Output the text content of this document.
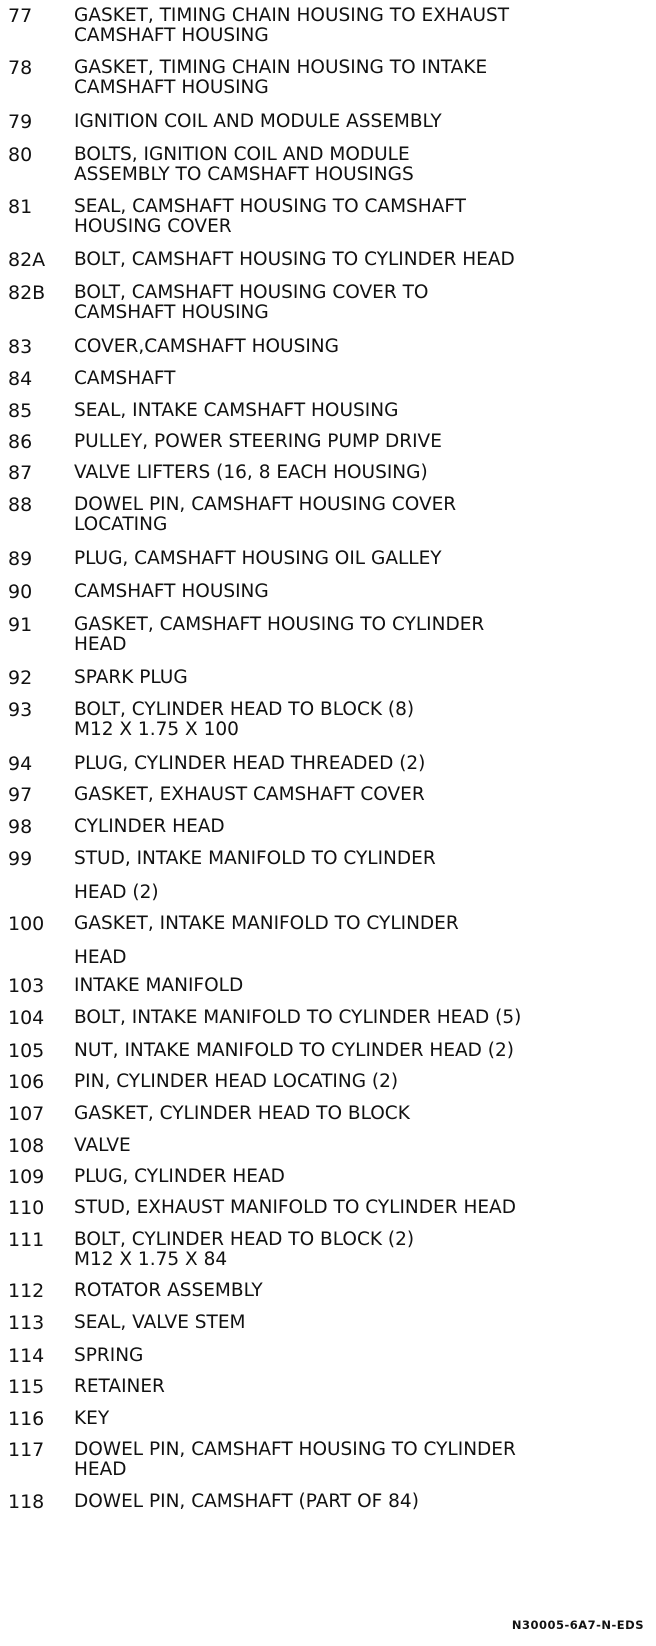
77 GASKET, TIMING CHAIN HOUSING TO EXHAUST
CAMSHAFT HOUSING
78 GASKET, TIMING CHAIN HOUSING TO INTAKE
CAMSHAFT HOUSING
79 IGNITION COIL AND MODULE ASSEMBLY
80 BOLTS, IGNITION COIL AND MODULE
ASSEMBLY TO CAMSHAFT HOUSINGS
81 SEAL, CAMSHAFT HOUSING TO CAMSHAFT
HOUSING COVER
82A BOLT, CAMSHAFT HOUSING TO CYLINDER HEAD
82B BOLT, CAMSHAFT HOUSING COVER TO
CAMSHAFT HOUSING
83 COVER,CAMSHAFT HOUSING
84 CAMSHAFT
85 SEAL, INTAKE CAMSHAFT HOUSING
86 PULLEY, POWER STEERING PUMP DRIVE
87 VALVE LIFTERS (16, 8 EACH HOUSING)
88 DOWEL PIN, CAMSHAFT HOUSING COVER
LOCATING
89 PLUG, CAMSHAFT HOUSING OIL GALLEY
90 CAMSHAFT HOUSING
91 GASKET, CAMSHAFT HOUSING TO CYLINDER
HEAD
92 SPARK PLUG
93 BOLT, CYLINDER HEAD TO BLOCK (8)
M12 X 1.75 X 100
94 PLUG, CYLINDER HEAD THREADED (2)
97 GASKET, EXHAUST CAMSHAFT COVER
98 CYLINDER HEAD
99 STUD, INTAKE MANIFOLD TO CYLINDER
HEAD (2)
100 GASKET, INTAKE MANIFOLD TO CYLINDER
HEAD
103 INTAKE MANIFOLD
104 BOLT, INTAKE MANIFOLD TO CYLINDER HEAD (5)
105 NUT, INTAKE MANIFOLD TO CYLINDER HEAD (2)
106 PIN, CYLINDER HEAD LOCATING (2)
107 GASKET, CYLINDER HEAD TO BLOCK
108 VALVE
109 PLUG, CYLINDER HEAD
110 STUD, EXHAUST MANIFOLD TO CYLINDER HEAD
111 BOLT, CYLINDER HEAD TO BLOCK (2)
M12 X 1.75 X 84
112 ROTATOR ASSEMBLY
113 SEAL, VALVE STEM
114 SPRING
115 RETAINER
116 KEY
117 DOWEL PIN, CAMSHAFT HOUSING TO CYLINDER
HEAD
118 DOWEL PIN, CAMSHAFT (PART OF 84)
N30005-6A7-N-EDS
